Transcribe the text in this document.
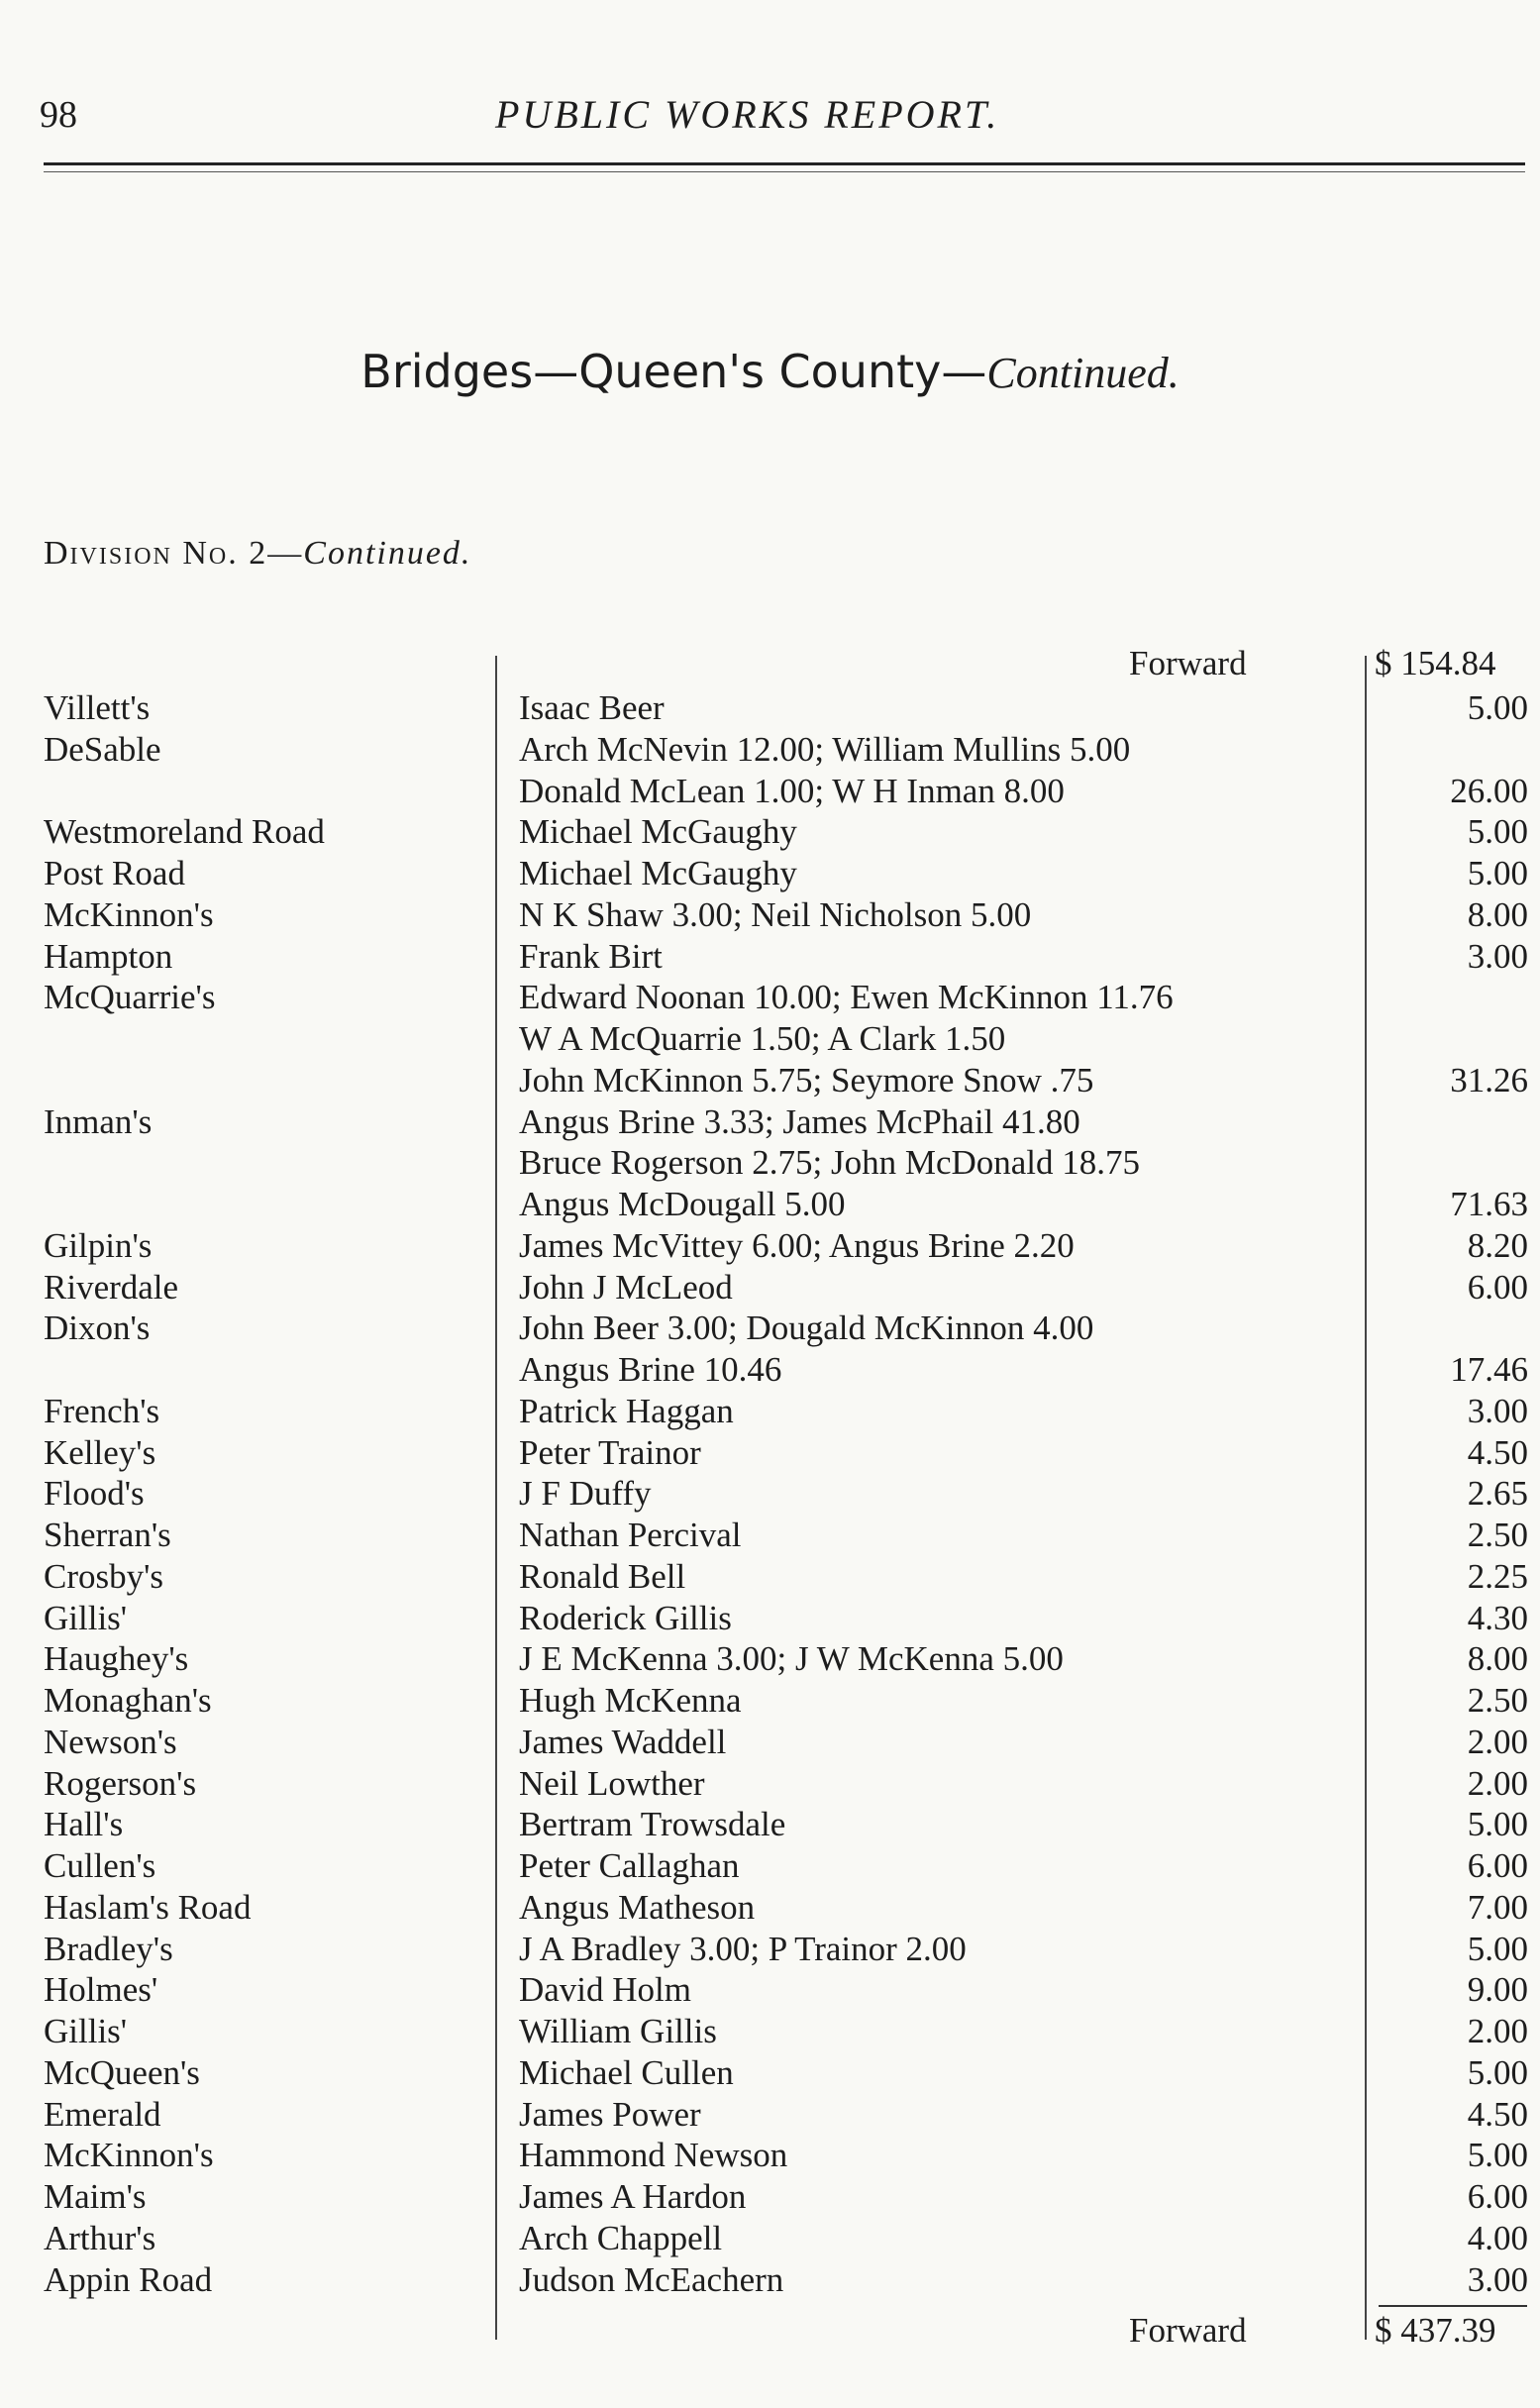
98	PUBLIC WORKS REPORT.
Bridges—Queen's County—Continued.
Division No. 2—Continued.
Forward	$ 154.84
Villett's	Isaac Beer	5.00
DeSable	Arch McNevin 12.00; William Mullins 5.00
Donald McLean 1.00; W H Inman 8.00	26.00
Westmoreland Road	Michael McGaughy	5.00
Post Road	Michael McGaughy	5.00
McKinnon's	N K Shaw 3.00; Neil Nicholson 5.00	8.00
Hampton	Frank Birt	3.00
McQuarrie's	Edward Noonan 10.00; Ewen McKinnon 11.76
W A McQuarrie 1.50; A Clark 1.50
John McKinnon 5.75; Seymore Snow .75	31.26
Inman's	Angus Brine 3.33; James McPhail 41.80
Bruce Rogerson 2.75; John McDonald 18.75
Angus McDougall 5.00	71.63
Gilpin's	James McVittey 6.00; Angus Brine 2.20	8.20
Riverdale	John J McLeod	6.00
Dixon's	John Beer 3.00; Dougald McKinnon 4.00
Angus Brine 10.46	17.46
French's	Patrick Haggan	3.00
Kelley's	Peter Trainor	4.50
Flood's	J F Duffy	2.65
Sherran's	Nathan Percival	2.50
Crosby's	Ronald Bell	2.25
Gillis'	Roderick Gillis	4.30
Haughey's	J E McKenna 3.00; J W McKenna 5.00	8.00
Monaghan's	Hugh McKenna	2.50
Newson's	James Waddell	2.00
Rogerson's	Neil Lowther	2.00
Hall's	Bertram Trowsdale	5.00
Cullen's	Peter Callaghan	6.00
Haslam's Road	Angus Matheson	7.00
Bradley's	J A Bradley 3.00; P Trainor 2.00	5.00
Holmes'	David Holm	9.00
Gillis'	William Gillis	2.00
McQueen's	Michael Cullen	5.00
Emerald	James Power	4.50
McKinnon's	Hammond Newson	5.00
Maim's	James A Hardon	6.00
Arthur's	Arch Chappell	4.00
Appin Road	Judson McEachern	3.00
Forward	$ 437.39
